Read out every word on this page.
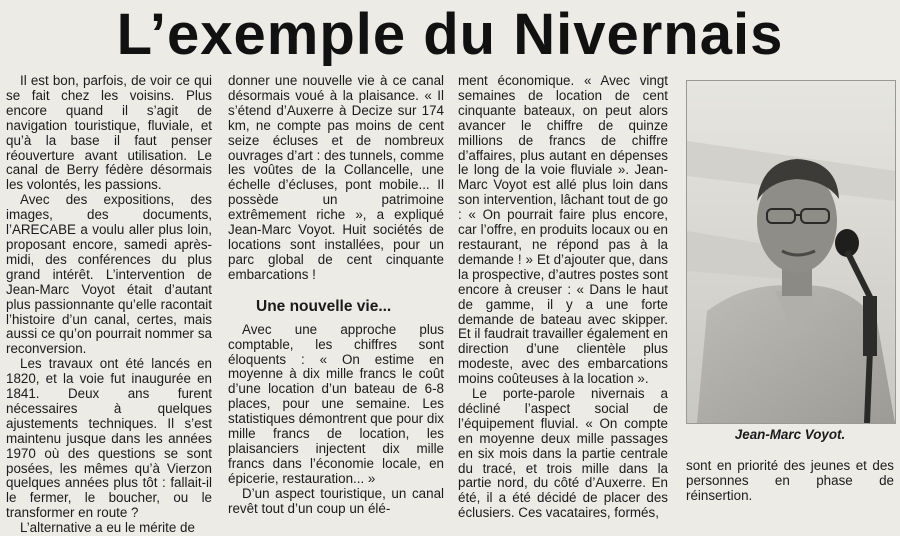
L’exemple du Nivernais

Il est bon, parfois, de voir ce qui se fait chez les voisins. Plus encore quand il s’agit de navigation touristique, fluviale, et qu’à la base il faut penser réouverture avant utilisation. Le canal de Berry fédère désormais les volontés, les passions.

Avec des expositions, des images, des documents, l’ARECABE a voulu aller plus loin, proposant encore, samedi après-midi, des conférences du plus grand intérêt. L’intervention de Jean-Marc Voyot était d’autant plus passionnante qu’elle racontait l’histoire d’un canal, certes, mais aussi ce qu’on pourrait nommer sa reconversion.

Les travaux ont été lancés en 1820, et la voie fut inaugurée en 1841. Deux ans furent nécessaires à quelques ajustements techniques. Il s’est maintenu jusque dans les années 1970 où des questions se sont posées, les mêmes qu’à Vierzon quelques années plus tôt : fallait-il le fermer, le boucher, ou le transformer en route ?

L’alternative a eu le mérite de

donner une nouvelle vie à ce canal désormais voué à la plaisance. « Il s’étend d’Auxerre à Decize sur 174 km, ne compte pas moins de cent seize écluses et de nombreux ouvrages d’art : des tunnels, comme les voûtes de la Collancelle, une échelle d’écluses, pont mobile... Il possède un patrimoine extrêmement riche », a expliqué Jean-Marc Voyot. Huit sociétés de locations sont installées, pour un parc global de cent cinquante embarcations !

Une nouvelle vie...

Avec une approche plus comptable, les chiffres sont éloquents : « On estime en moyenne à dix mille francs le coût d’une location d’un bateau de 6-8 places, pour une semaine. Les statistiques démontrent que pour dix mille francs de location, les plaisanciers injectent dix mille francs dans l’économie locale, en épicerie, restauration... »

D’un aspect touristique, un canal revêt tout d’un coup un élé-

ment économique. « Avec vingt semaines de location de cent cinquante bateaux, on peut alors avancer le chiffre de quinze millions de francs de chiffre d’affaires, plus autant en dépenses le long de la voie fluviale ». Jean-Marc Voyot est allé plus loin dans son intervention, lâchant tout de go : « On pourrait faire plus encore, car l’offre, en produits locaux ou en restaurant, ne répond pas à la demande ! » Et d’ajouter que, dans la prospective, d’autres postes sont encore à creuser : « Dans le haut de gamme, il y a une forte demande de bateau avec skipper. Et il faudrait travailler également en direction d’une clientèle plus modeste, avec des embarcations moins coûteuses à la location ».

Le porte-parole nivernais a décliné l’aspect social de l’équipement fluvial. « On compte en moyenne deux mille passages en six mois dans la partie centrale du tracé, et trois mille dans la partie nord, du côté d’Auxerre. En été, il a été décidé de placer des éclusiers. Ces vacataires, formés,

Jean-Marc Voyot.

sont en priorité des jeunes et des personnes en phase de réinsertion.
